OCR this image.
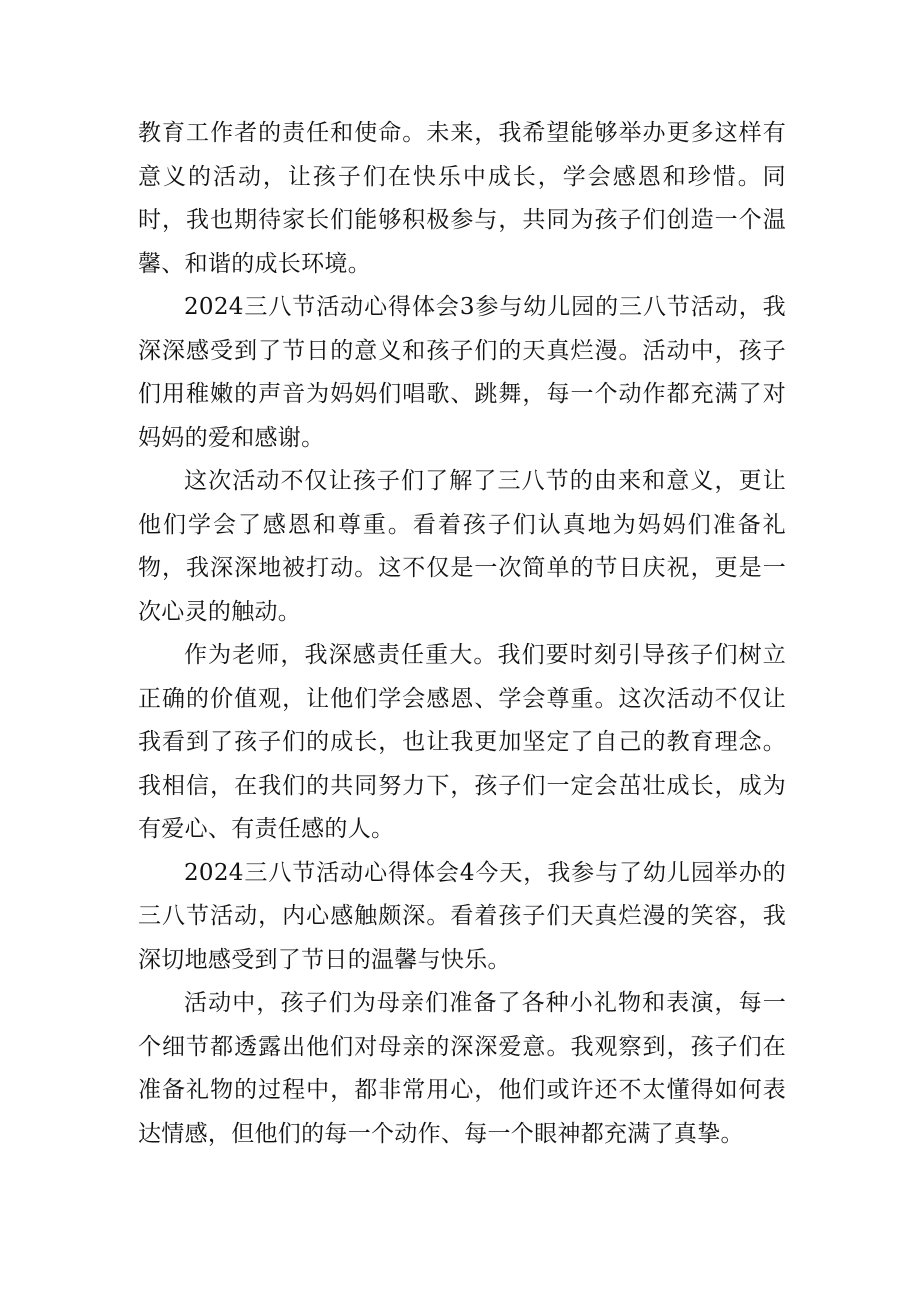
教育工作者的责任和使命。未来，我希望能够举办更多这样有意义的活动，让孩子们在快乐中成长，学会感恩和珍惜。同时，我也期待家长们能够积极参与，共同为孩子们创造一个温馨、和谐的成长环境。

2024三八节活动心得体会3参与幼儿园的三八节活动，我深深感受到了节日的意义和孩子们的天真烂漫。活动中，孩子们用稚嫩的声音为妈妈们唱歌、跳舞，每一个动作都充满了对妈妈的爱和感谢。

这次活动不仅让孩子们了解了三八节的由来和意义，更让他们学会了感恩和尊重。看着孩子们认真地为妈妈们准备礼物，我深深地被打动。这不仅是一次简单的节日庆祝，更是一次心灵的触动。

作为老师，我深感责任重大。我们要时刻引导孩子们树立正确的价值观，让他们学会感恩、学会尊重。这次活动不仅让我看到了孩子们的成长，也让我更加坚定了自己的教育理念。我相信，在我们的共同努力下，孩子们一定会茁壮成长，成为有爱心、有责任感的人。

2024三八节活动心得体会4今天，我参与了幼儿园举办的三八节活动，内心感触颇深。看着孩子们天真烂漫的笑容，我深切地感受到了节日的温馨与快乐。

活动中，孩子们为母亲们准备了各种小礼物和表演，每一个细节都透露出他们对母亲的深深爱意。我观察到，孩子们在准备礼物的过程中，都非常用心，他们或许还不太懂得如何表达情感，但他们的每一个动作、每一个眼神都充满了真挚。
